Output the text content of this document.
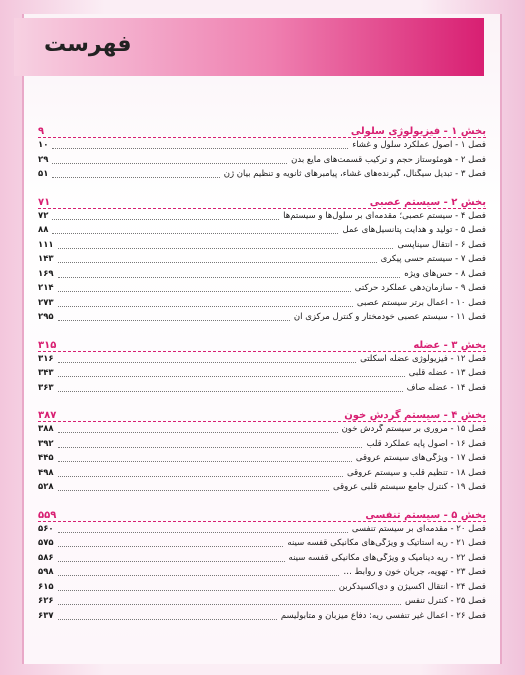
فهرست
بخش ۱ - فیزیولوژی سلولی
۹
فصل ۱ - اصول عملکرد سلول و غشاء
۱۰
فصل ۲ - هومئوستاز حجم و ترکیب قسمت‌های مایع بدن
۲۹
فصل ۳ - تبدیل سیگنال، گیرنده‌های غشاء، پیامبرهای ثانویه و تنظیم بیان ژن
۵۱
بخش ۲ - سیستم عصبی
۷۱
فصل ۴ - سیستم عصبی؛ مقدمه‌ای بر سلول‌ها و سیستم‌ها
۷۲
فصل ۵ - تولید و هدایت پتانسیل‌های عمل
۸۸
فصل ۶ - انتقال سیناپسی
۱۱۱
فصل ۷ - سیستم حسی پیکری
۱۴۳
فصل ۸ - حس‌های ویژه
۱۶۹
فصل ۹ - سازمان‌دهی عملکرد حرکتی
۲۱۴
فصل ۱۰ - اعمال برتر سیستم عصبی
۲۷۳
فصل ۱۱ - سیستم عصبی خودمختار و کنترل مرکزی آن
۲۹۵
بخش ۳ - عضله
۳۱۵
فصل ۱۲ - فیزیولوژی عضله اسکلتی
۳۱۶
فصل ۱۳ - عضله قلبی
۳۴۳
فصل ۱۴ - عضله صاف
۳۶۳
بخش ۴ - سیستم گردش خون
۳۸۷
فصل ۱۵ - مروری بر سیستم گردش خون
۳۸۸
فصل ۱۶ - اصول پایه عملکرد قلب
۳۹۲
فصل ۱۷ - ویژگی‌های سیستم عروقی
۴۴۵
فصل ۱۸ - تنظیم قلب و سیستم عروقی
۴۹۸
فصل ۱۹ - کنترل جامع سیستم قلبی عروقی
۵۲۸
بخش ۵ - سیستم تنفسی
۵۵۹
فصل ۲۰ - مقدمه‌ای بر سیستم تنفسی
۵۶۰
فصل ۲۱ - ریه استاتیک و ویژگی‌های مکانیکی قفسه سینه
۵۷۵
فصل ۲۲ - ریه دینامیک و ویژگی‌های مکانیکی قفسه سینه
۵۸۶
فصل ۲۳ - تهویه، جریان خون و روابط …
۵۹۸
فصل ۲۴ - انتقال اکسیژن و دی‌اکسیدکربن
۶۱۵
فصل ۲۵ - کنترل تنفس
۶۲۶
فصل ۲۶ - اعمال غیر تنفسی ریه: دفاع میزبان و متابولیسم
۶۳۷
